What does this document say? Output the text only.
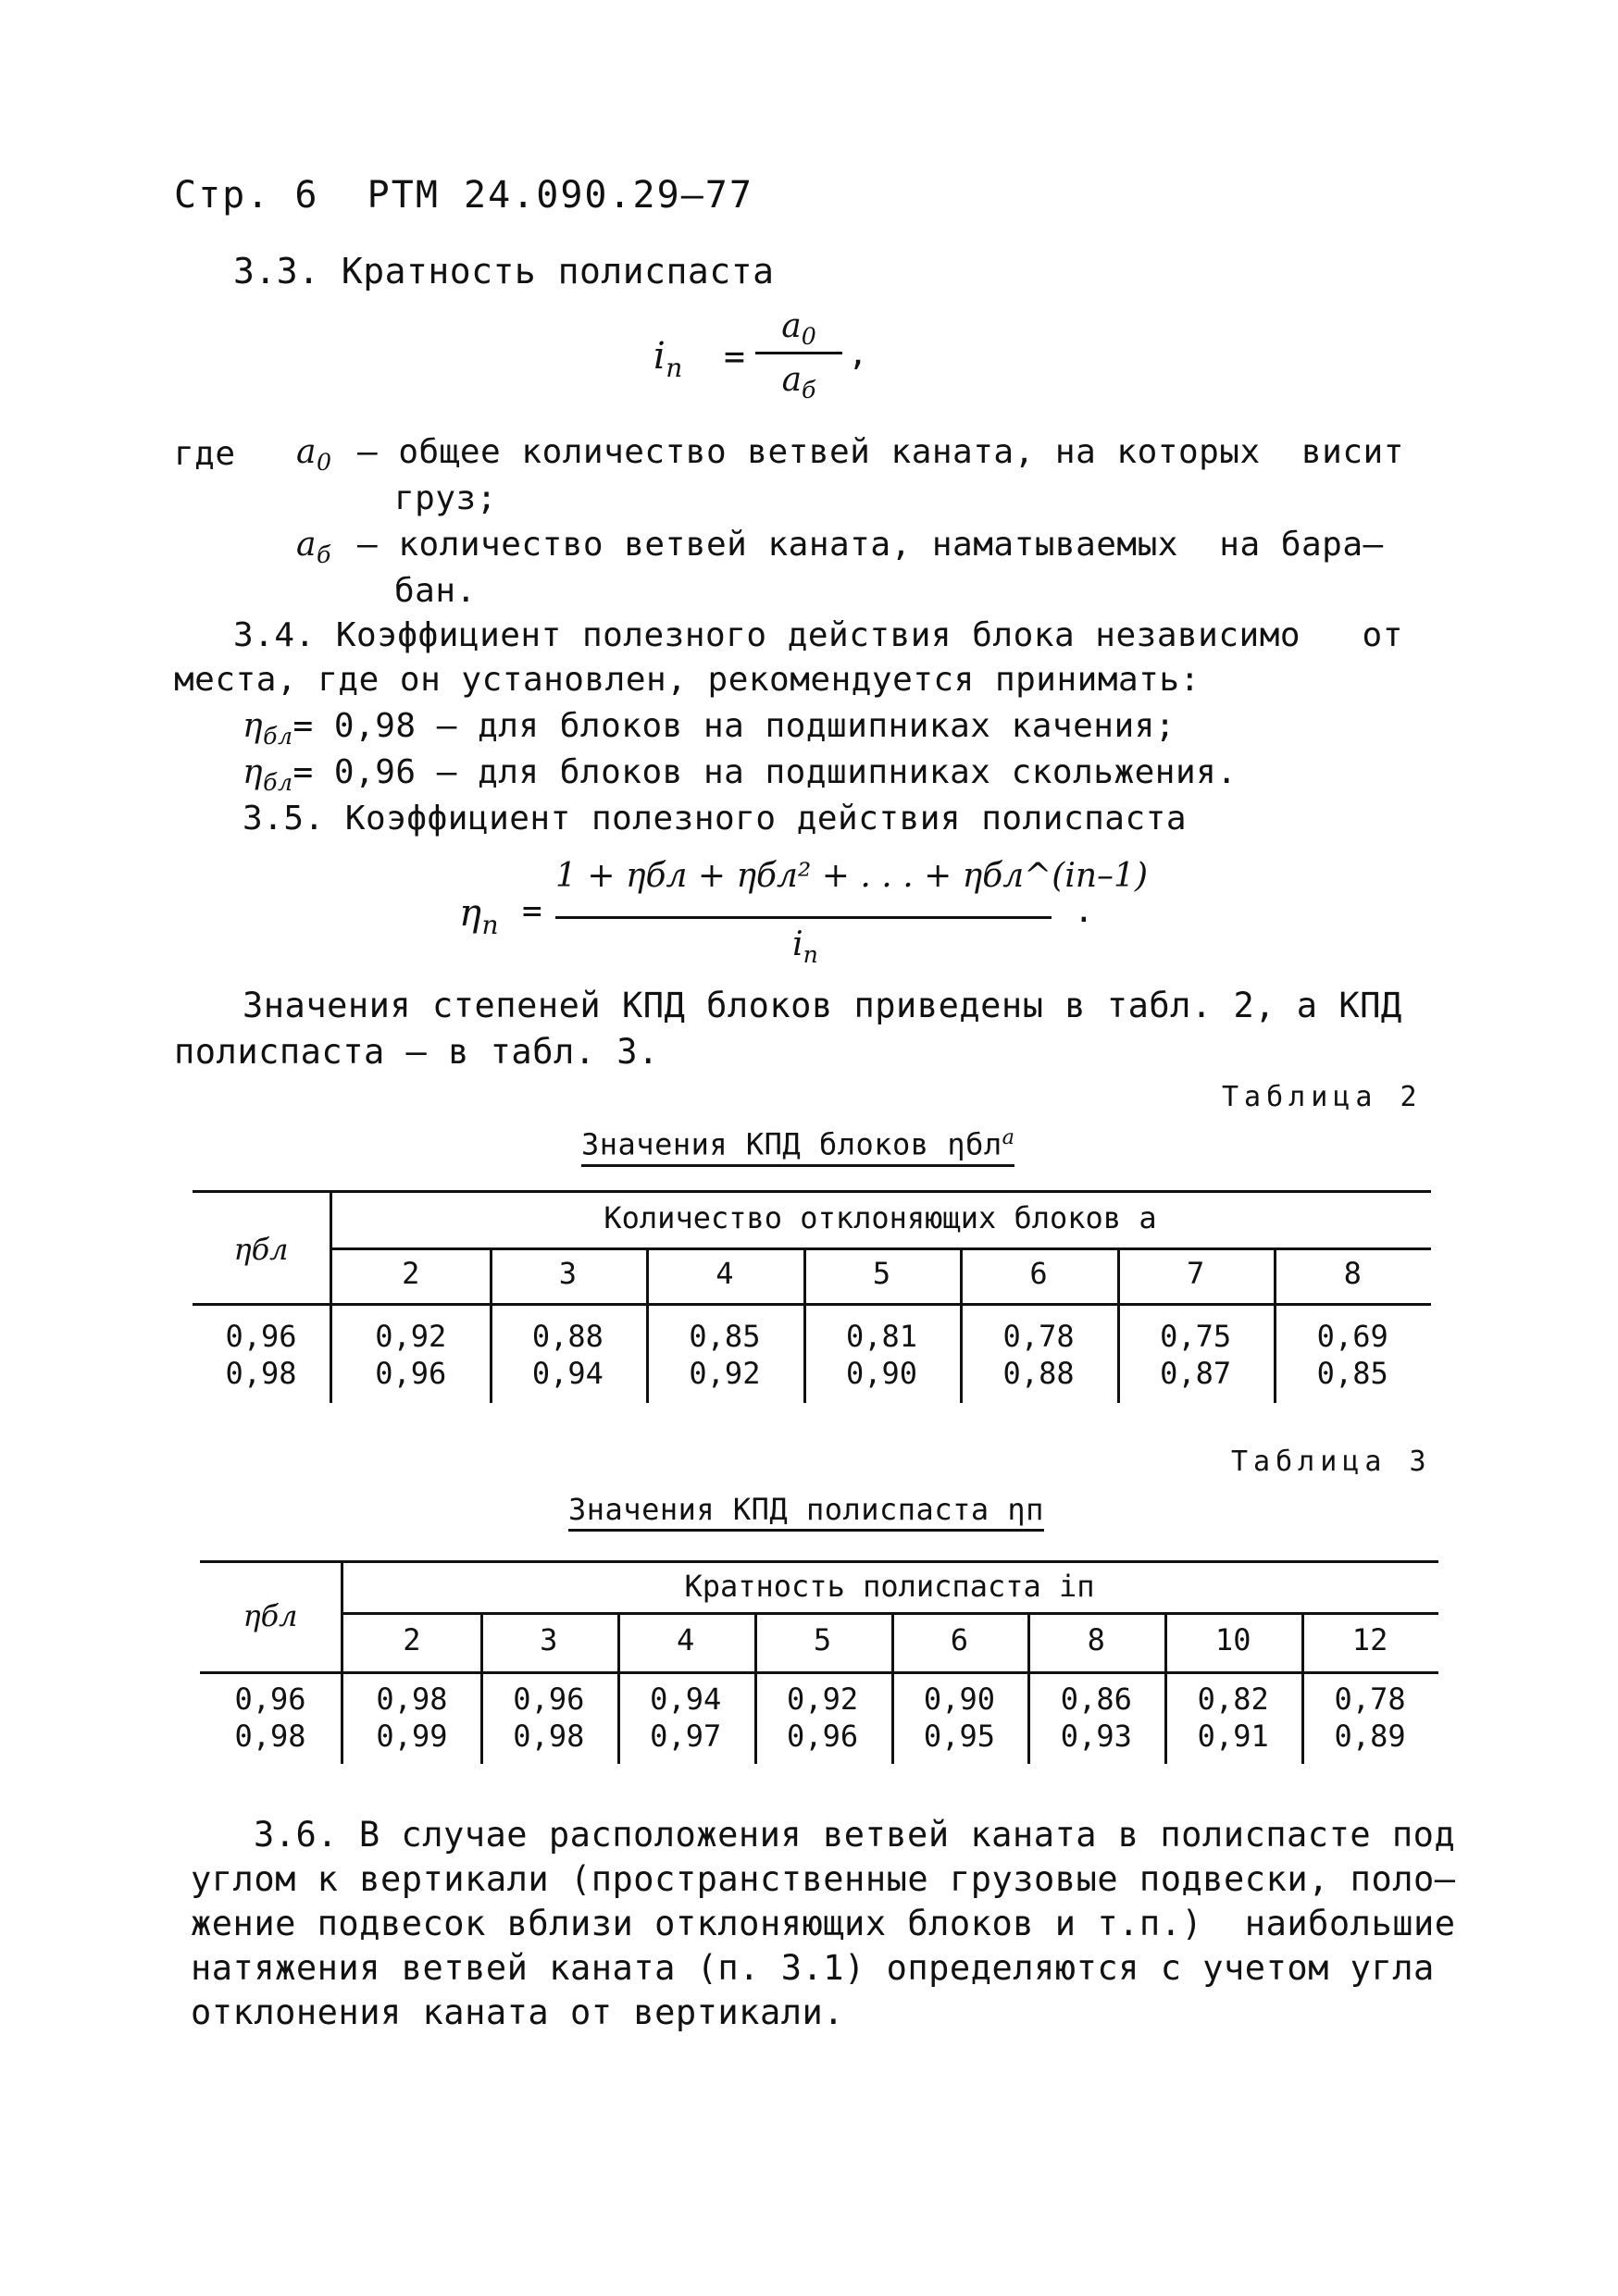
Стр. 6  РТМ 24.090.29–77
3.3. Кратность полиспаста
$i_п$ =
$a_0$
$a_б$
,
где $a_0$ – общее количество ветвей каната, на которых  висит
груз;
$a_б$ – количество ветвей каната, наматываемых  на бара–
бан.
3.4. Коэффициент полезного действия блока независимо   от
места, где он установлен, рекомендуется принимать:
$\eta_{бл}= 0,98$ – для блоков на подшипниках качения;
$\eta_{бл}= 0,96$ – для блоков на подшипниках скольжения.
3.5. Коэффициент полезного действия полиспаста
$\eta_п$ =
1 + ηбл + ηбл² + . . . + ηбл^(iп–1)
$i_п$
.
Значения степеней КПД блоков приведены в табл. 2, а КПД
полиспаста – в табл. 3.
Таблица 2
Значения КПД блоков ηбл$^a$
ηбл
Количество отклоняющих блоков a
2	3	4	5	6	7	8
0,96	0,92	0,88	0,85	0,81	0,78	0,75	0,69
0,98	0,96	0,94	0,92	0,90	0,88	0,87	0,85
Таблица 3
Значения КПД полиспаста ηп
ηбл
Кратность полиспаста iп
2	3	4	5	6	8	10	12
0,96	0,98	0,96	0,94	0,92	0,90	0,86	0,82	0,78
0,98	0,99	0,98	0,97	0,96	0,95	0,93	0,91	0,89
3.6. В случае расположения ветвей каната в полиспасте под
углом к вертикали (пространственные грузовые подвески, поло–
жение подвесок вблизи отклоняющих блоков и т.п.)  наибольшие
натяжения ветвей каната (п. 3.1) определяются с учетом угла
отклонения каната от вертикали.
